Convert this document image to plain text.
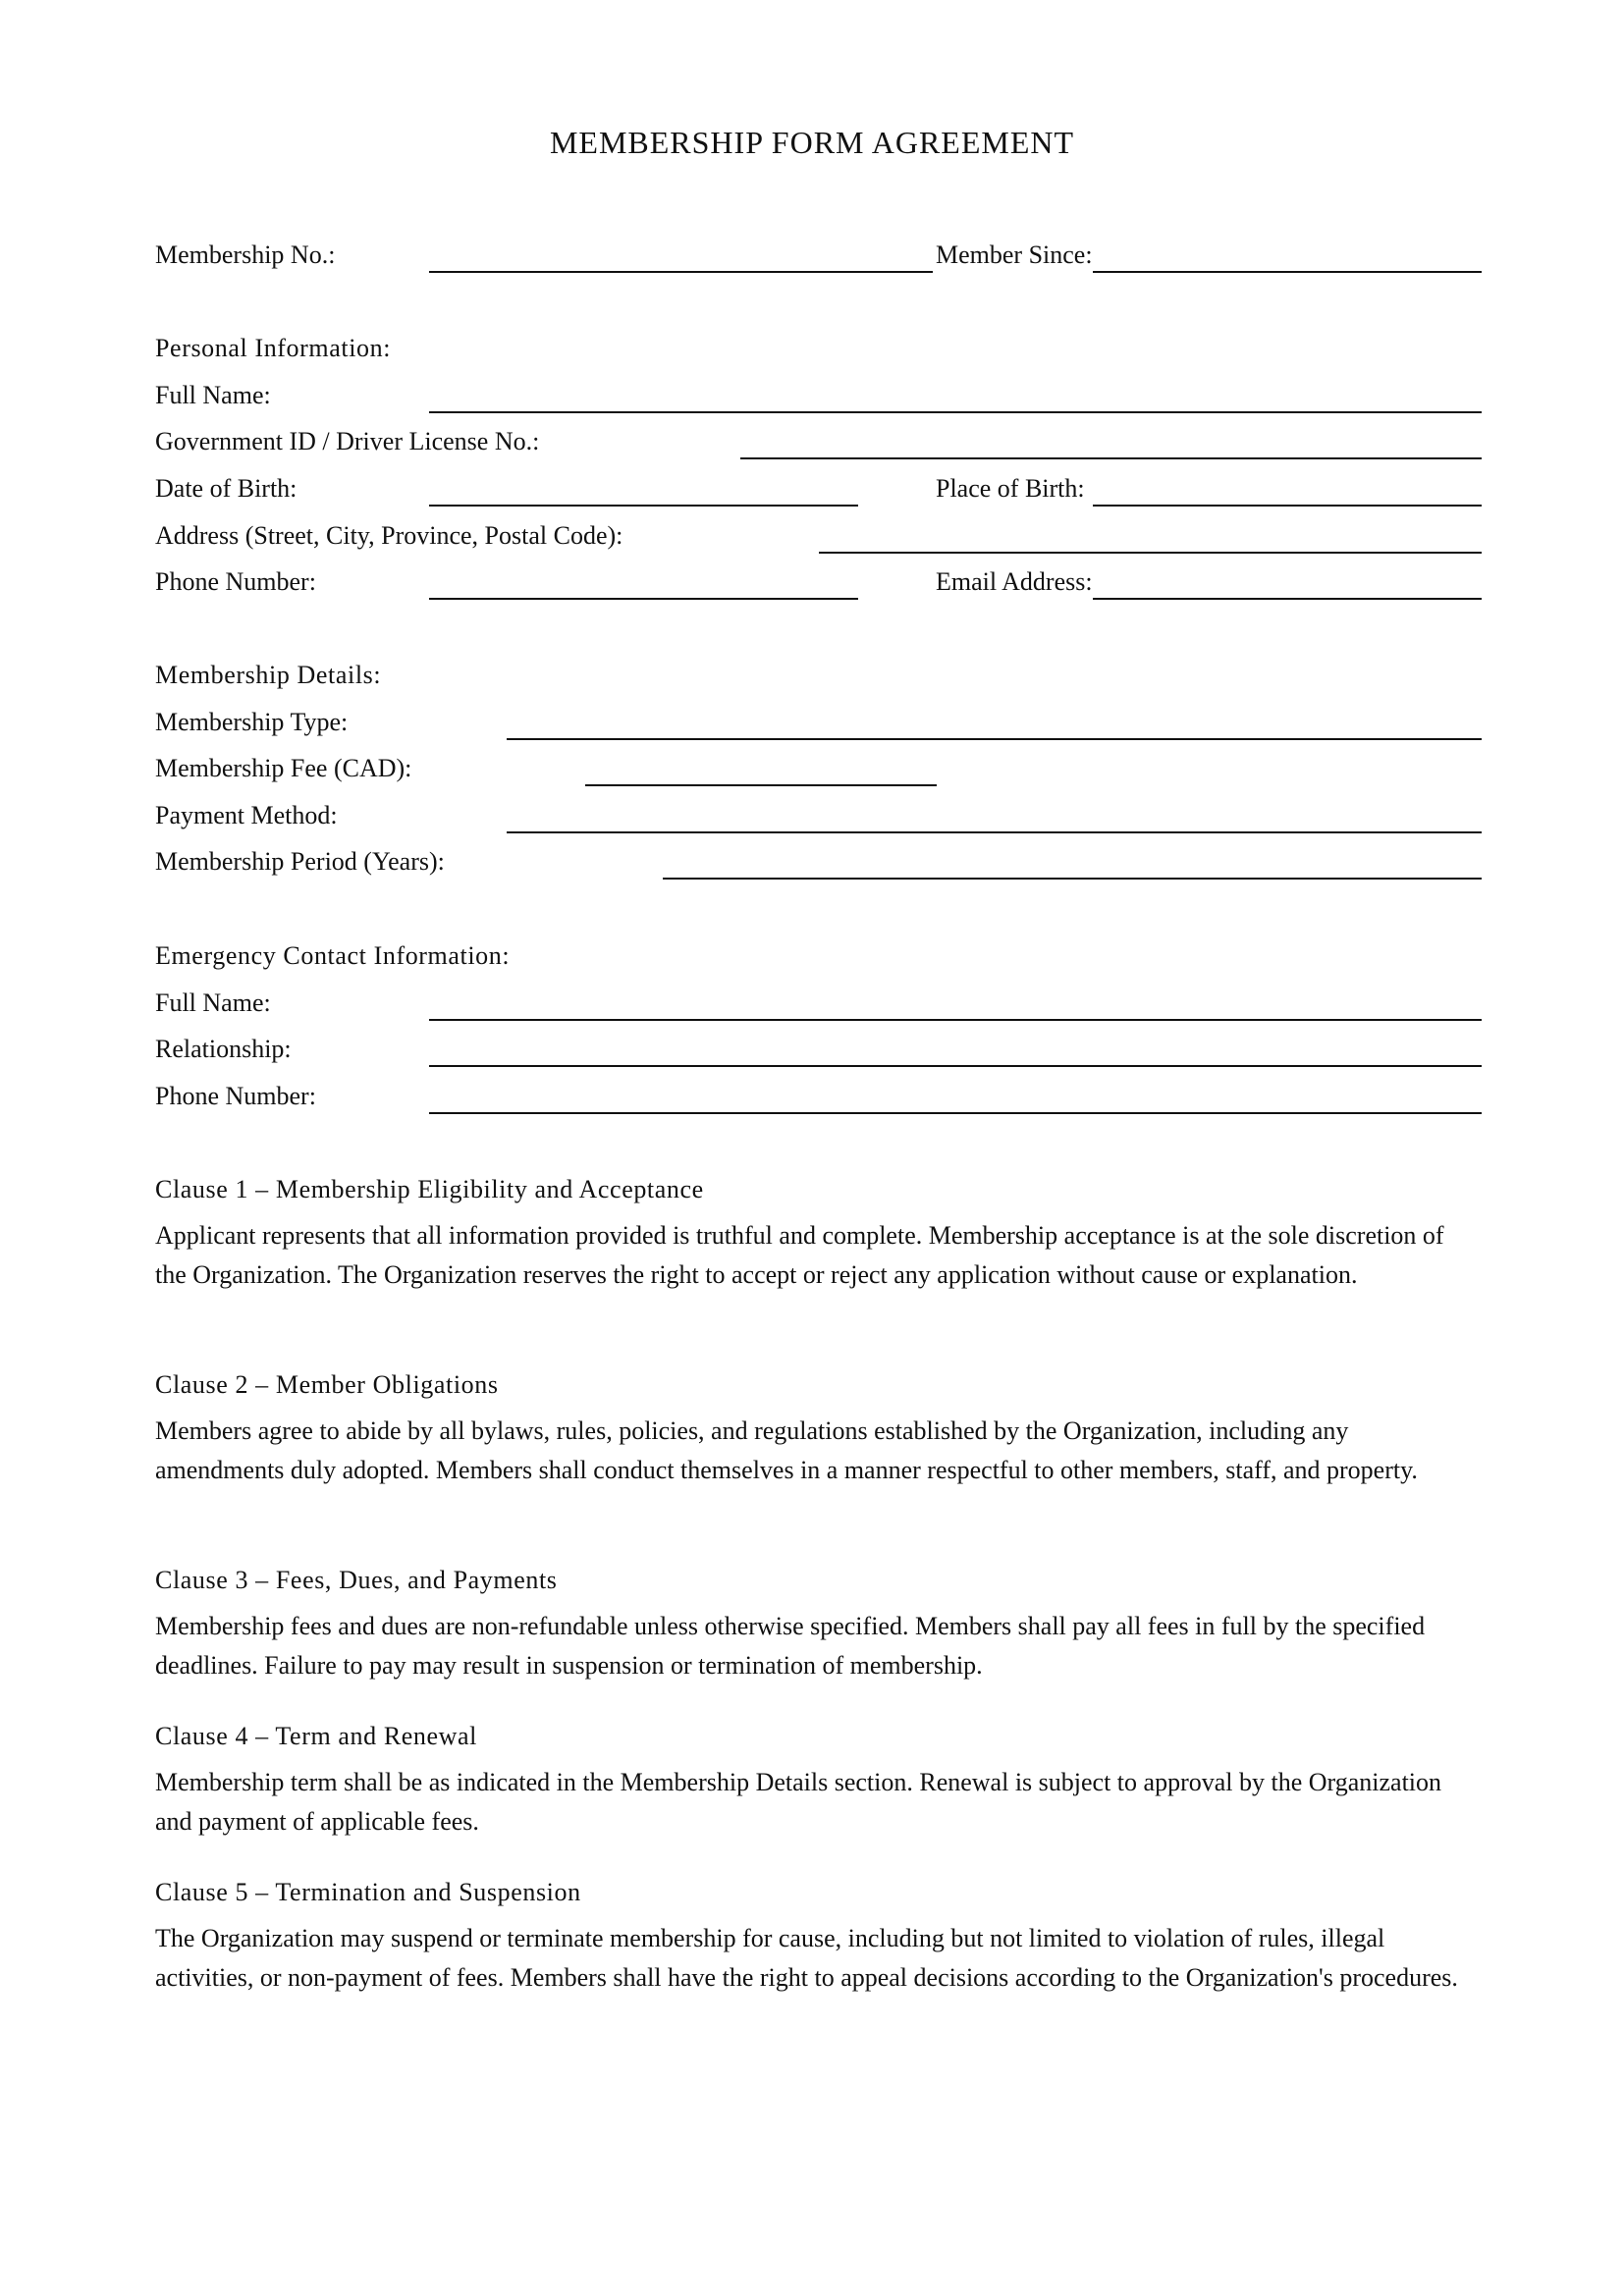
MEMBERSHIP FORM AGREEMENT
Membership No.:	Member Since:
Personal Information:
Full Name:
Government ID / Driver License No.:
Date of Birth:	Place of Birth:
Address (Street, City, Province, Postal Code):
Phone Number:	Email Address:
Membership Details:
Membership Type:
Membership Fee (CAD):
Payment Method:
Membership Period (Years):
Emergency Contact Information:
Full Name:
Relationship:
Phone Number:
Clause 1 – Membership Eligibility and Acceptance
Applicant represents that all information provided is truthful and complete. Membership acceptance is at the sole discretion of the Organization. The Organization reserves the right to accept or reject any application without cause or explanation.
Clause 2 – Member Obligations
Members agree to abide by all bylaws, rules, policies, and regulations established by the Organization, including any amendments duly adopted. Members shall conduct themselves in a manner respectful to other members, staff, and property.
Clause 3 – Fees, Dues, and Payments
Membership fees and dues are non-refundable unless otherwise specified. Members shall pay all fees in full by the specified deadlines. Failure to pay may result in suspension or termination of membership.
Clause 4 – Term and Renewal
Membership term shall be as indicated in the Membership Details section. Renewal is subject to approval by the Organization and payment of applicable fees.
Clause 5 – Termination and Suspension
The Organization may suspend or terminate membership for cause, including but not limited to violation of rules, illegal activities, or non-payment of fees. Members shall have the right to appeal decisions according to the Organization's procedures.
